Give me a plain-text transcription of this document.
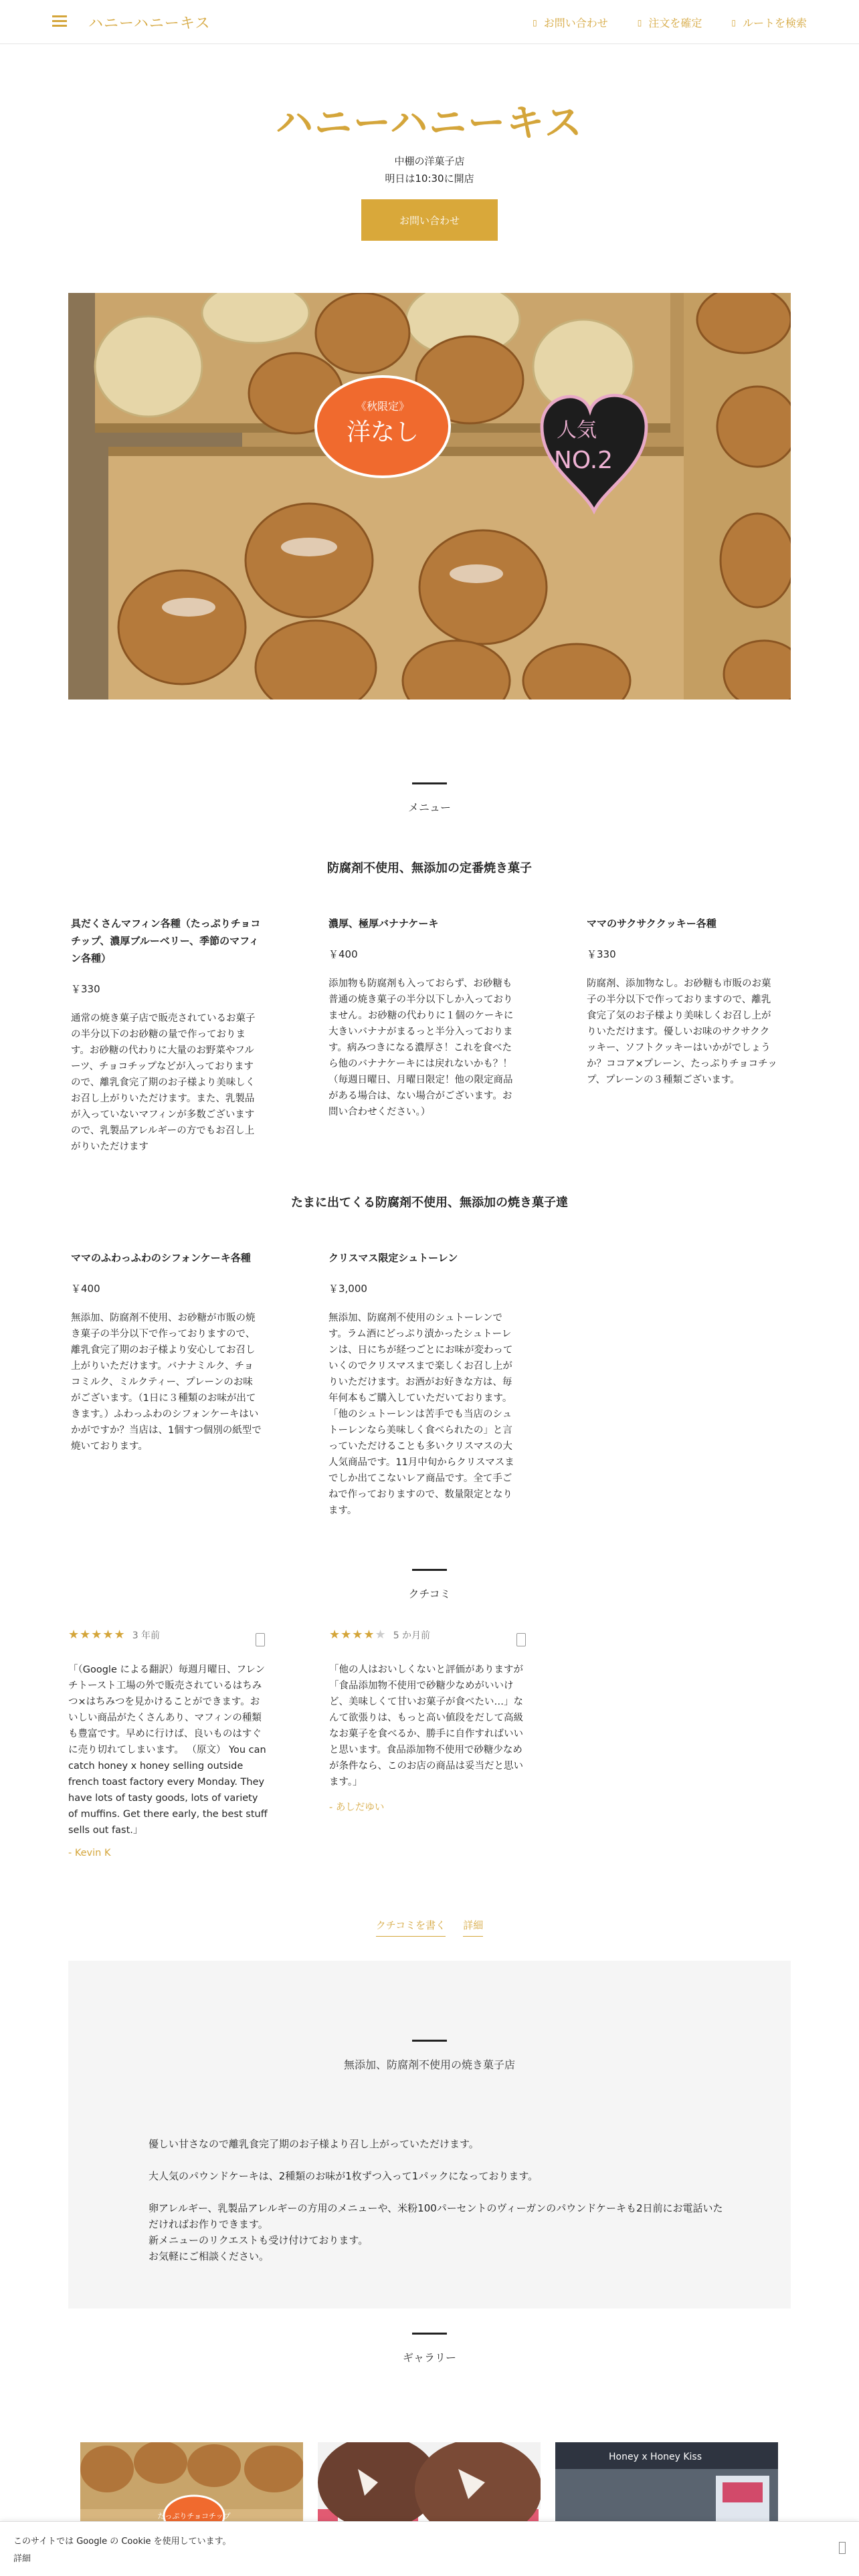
ハニーハニーキス	▯ お問い合わせ	▯ 注文を確定	▯ ルートを検索
ハニーハニーキス
中棚の洋菓子店
明日は10:30に開店
お問い合わせ
《秋限定》
洋なし	人気
NO.2
メニュー
防腐剤不使用、無添加の定番焼き菓子
具だくさんマフィン各種（たっぷりチョコチップ、濃厚ブルーベリー、季節のマフィン各種）
￥330
通常の焼き菓子店で販売されているお菓子の半分以下のお砂糖の量で作っております。お砂糖の代わりに大量のお野菜やフルーツ、チョコチップなどが入っておりますので、離乳食完了期のお子様より美味しくお召し上がりいただけます。また、乳製品が入っていないマフィンが多数ございますので、乳製品アレルギーの方でもお召し上がりいただけます
濃厚、極厚バナナケーキ
￥400
添加物も防腐剤も入っておらず、お砂糖も普通の焼き菓子の半分以下しか入っておりません。お砂糖の代わりに１個のケーキに大きいバナナがまるっと半分入っております。病みつきになる濃厚さ！これを食べたら他のバナナケーキには戻れないかも？！（毎週日曜日、月曜日限定！他の限定商品がある場合は、ない場合がございます。お問い合わせください。）
ママのサクサククッキー各種
￥330
防腐剤、添加物なし。お砂糖も市販のお菓子の半分以下で作っておりますので、離乳食完了気のお子様より美味しくお召し上がりいただけます。優しいお味のサクサククッキー、ソフトクッキーはいかがでしょうか？ココア×プレーン、たっぷりチョコチップ、プレーンの３種類ございます。
たまに出てくる防腐剤不使用、無添加の焼き菓子達
ママのふわっふわのシフォンケーキ各種
￥400
無添加、防腐剤不使用、お砂糖が市販の焼き菓子の半分以下で作っておりますので、離乳食完了期のお子様より安心してお召し上がりいただけます。バナナミルク、チョコミルク、ミルクティー、プレーンのお味がございます。（1日に３種類のお味が出てきます。）ふわっふわのシフォンケーキはいかがですか？当店は、1個すつ個別の紙型で焼いております。
クリスマス限定シュトーレン
￥3,000
無添加、防腐剤不使用のシュトーレンです。ラム酒にどっぷり漬かったシュトーレンは、日にちが経つごとにお味が変わっていくのでクリスマスまで楽しくお召し上がりいただけます。お酒がお好きな方は、毎年何本もご購入していただいております。「他のシュトーレンは苦手でも当店のシュトーレンなら美味しく食べられたの」と言っていただけることも多いクリスマスの大人気商品です。11月中旬からクリスマスまでしか出てこないレア商品です。全て手ごねで作っておりますので、数量限定となります。
クチコミ
★★★★★ 3 年前
「（Google による翻訳）毎週月曜日、フレンチトースト工場の外で販売されているはちみつ×はちみつを見かけることができます。おいしい商品がたくさんあり、マフィンの種類も豊富です。早めに行けば、良いものはすぐに売り切れてしまいます。 （原文） You can catch honey x honey selling outside french toast factory every Monday. They have lots of tasty goods, lots of variety of muffins. Get there early, the best stuff sells out fast.」
- Kevin K
★★★★★ 5 か月前
「他の人はおいしくないと評価がありますが「食品添加物不使用で砂糖少なめがいいけど、美味しくて甘いお菓子が食べたい…」なんて欲張りは、もっと高い値段をだして高級なお菓子を食べるか、勝手に自作すればいいと思います。食品添加物不使用で砂糖少なめが条件なら、このお店の商品は妥当だと思います。」
- あしだゆい
クチコミを書く 詳細
無添加、防腐剤不使用の焼き菓子店

優しい甘さなので離乳食完了期のお子様より召し上がっていただけます。

大人気のパウンドケーキは、2種類のお味が1枚ずつ入って1パックになっております。

卵アレルギー、乳製品アレルギーの方用のメニューや、米粉100パーセントのヴィーガンのパウンドケーキも2日前にお電話いただければお作りできます。
新メニューのリクエストも受け付けております。
お気軽にご相談ください。
ギャラリー
たっぷりチョコチップ
Honey x Honey Kiss
このサイトでは Google の Cookie を使用しています。
詳細
